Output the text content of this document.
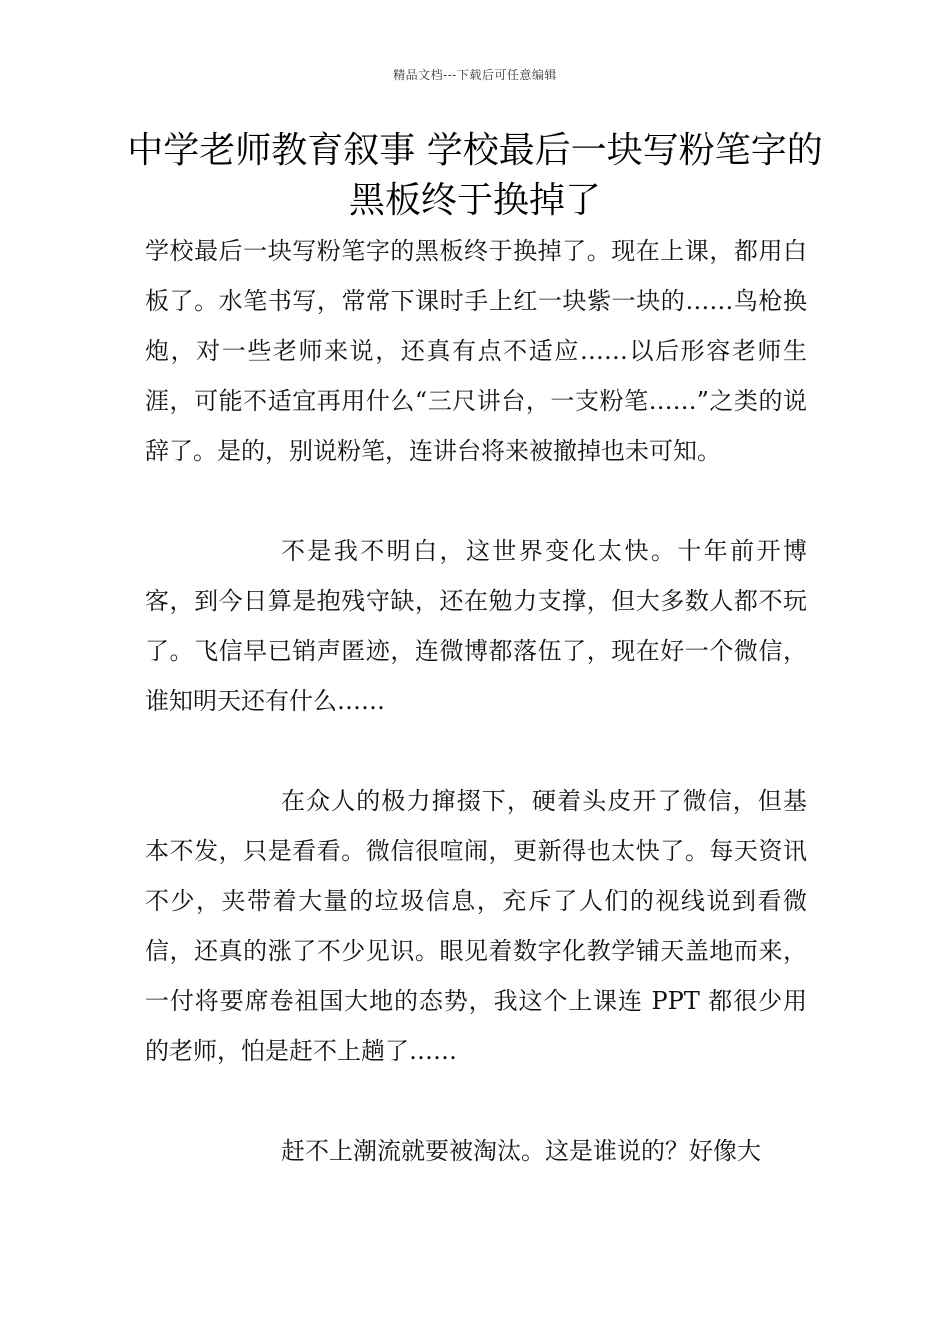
精品文档---下载后可任意编辑
中学老师教育叙事 学校最后一块写粉笔字的黑板终于换掉了

学校最后一块写粉笔字的黑板终于换掉了。现在上课，都用白板了。水笔书写，常常下课时手上红一块紫一块的……鸟枪换炮，对一些老师来说，还真有点不适应……以后形容老师生涯，可能不适宜再用什么“三尺讲台，一支粉笔……”之类的说辞了。是的，别说粉笔，连讲台将来被撤掉也未可知。

不是我不明白，这世界变化太快。十年前开博客，到今日算是抱残守缺，还在勉力支撑，但大多数人都不玩了。飞信早已销声匿迹，连微博都落伍了，现在好一个微信，谁知明天还有什么……

在众人的极力撺掇下，硬着头皮开了微信，但基本不发，只是看看。微信很喧闹，更新得也太快了。每天资讯不少，夹带着大量的垃圾信息，充斥了人们的视线说到看微信，还真的涨了不少见识。眼见着数字化教学铺天盖地而来，一付将要席卷祖国大地的态势，我这个上课连 PPT 都很少用的老师，怕是赶不上趟了……

赶不上潮流就要被淘汰。这是谁说的？好像大
